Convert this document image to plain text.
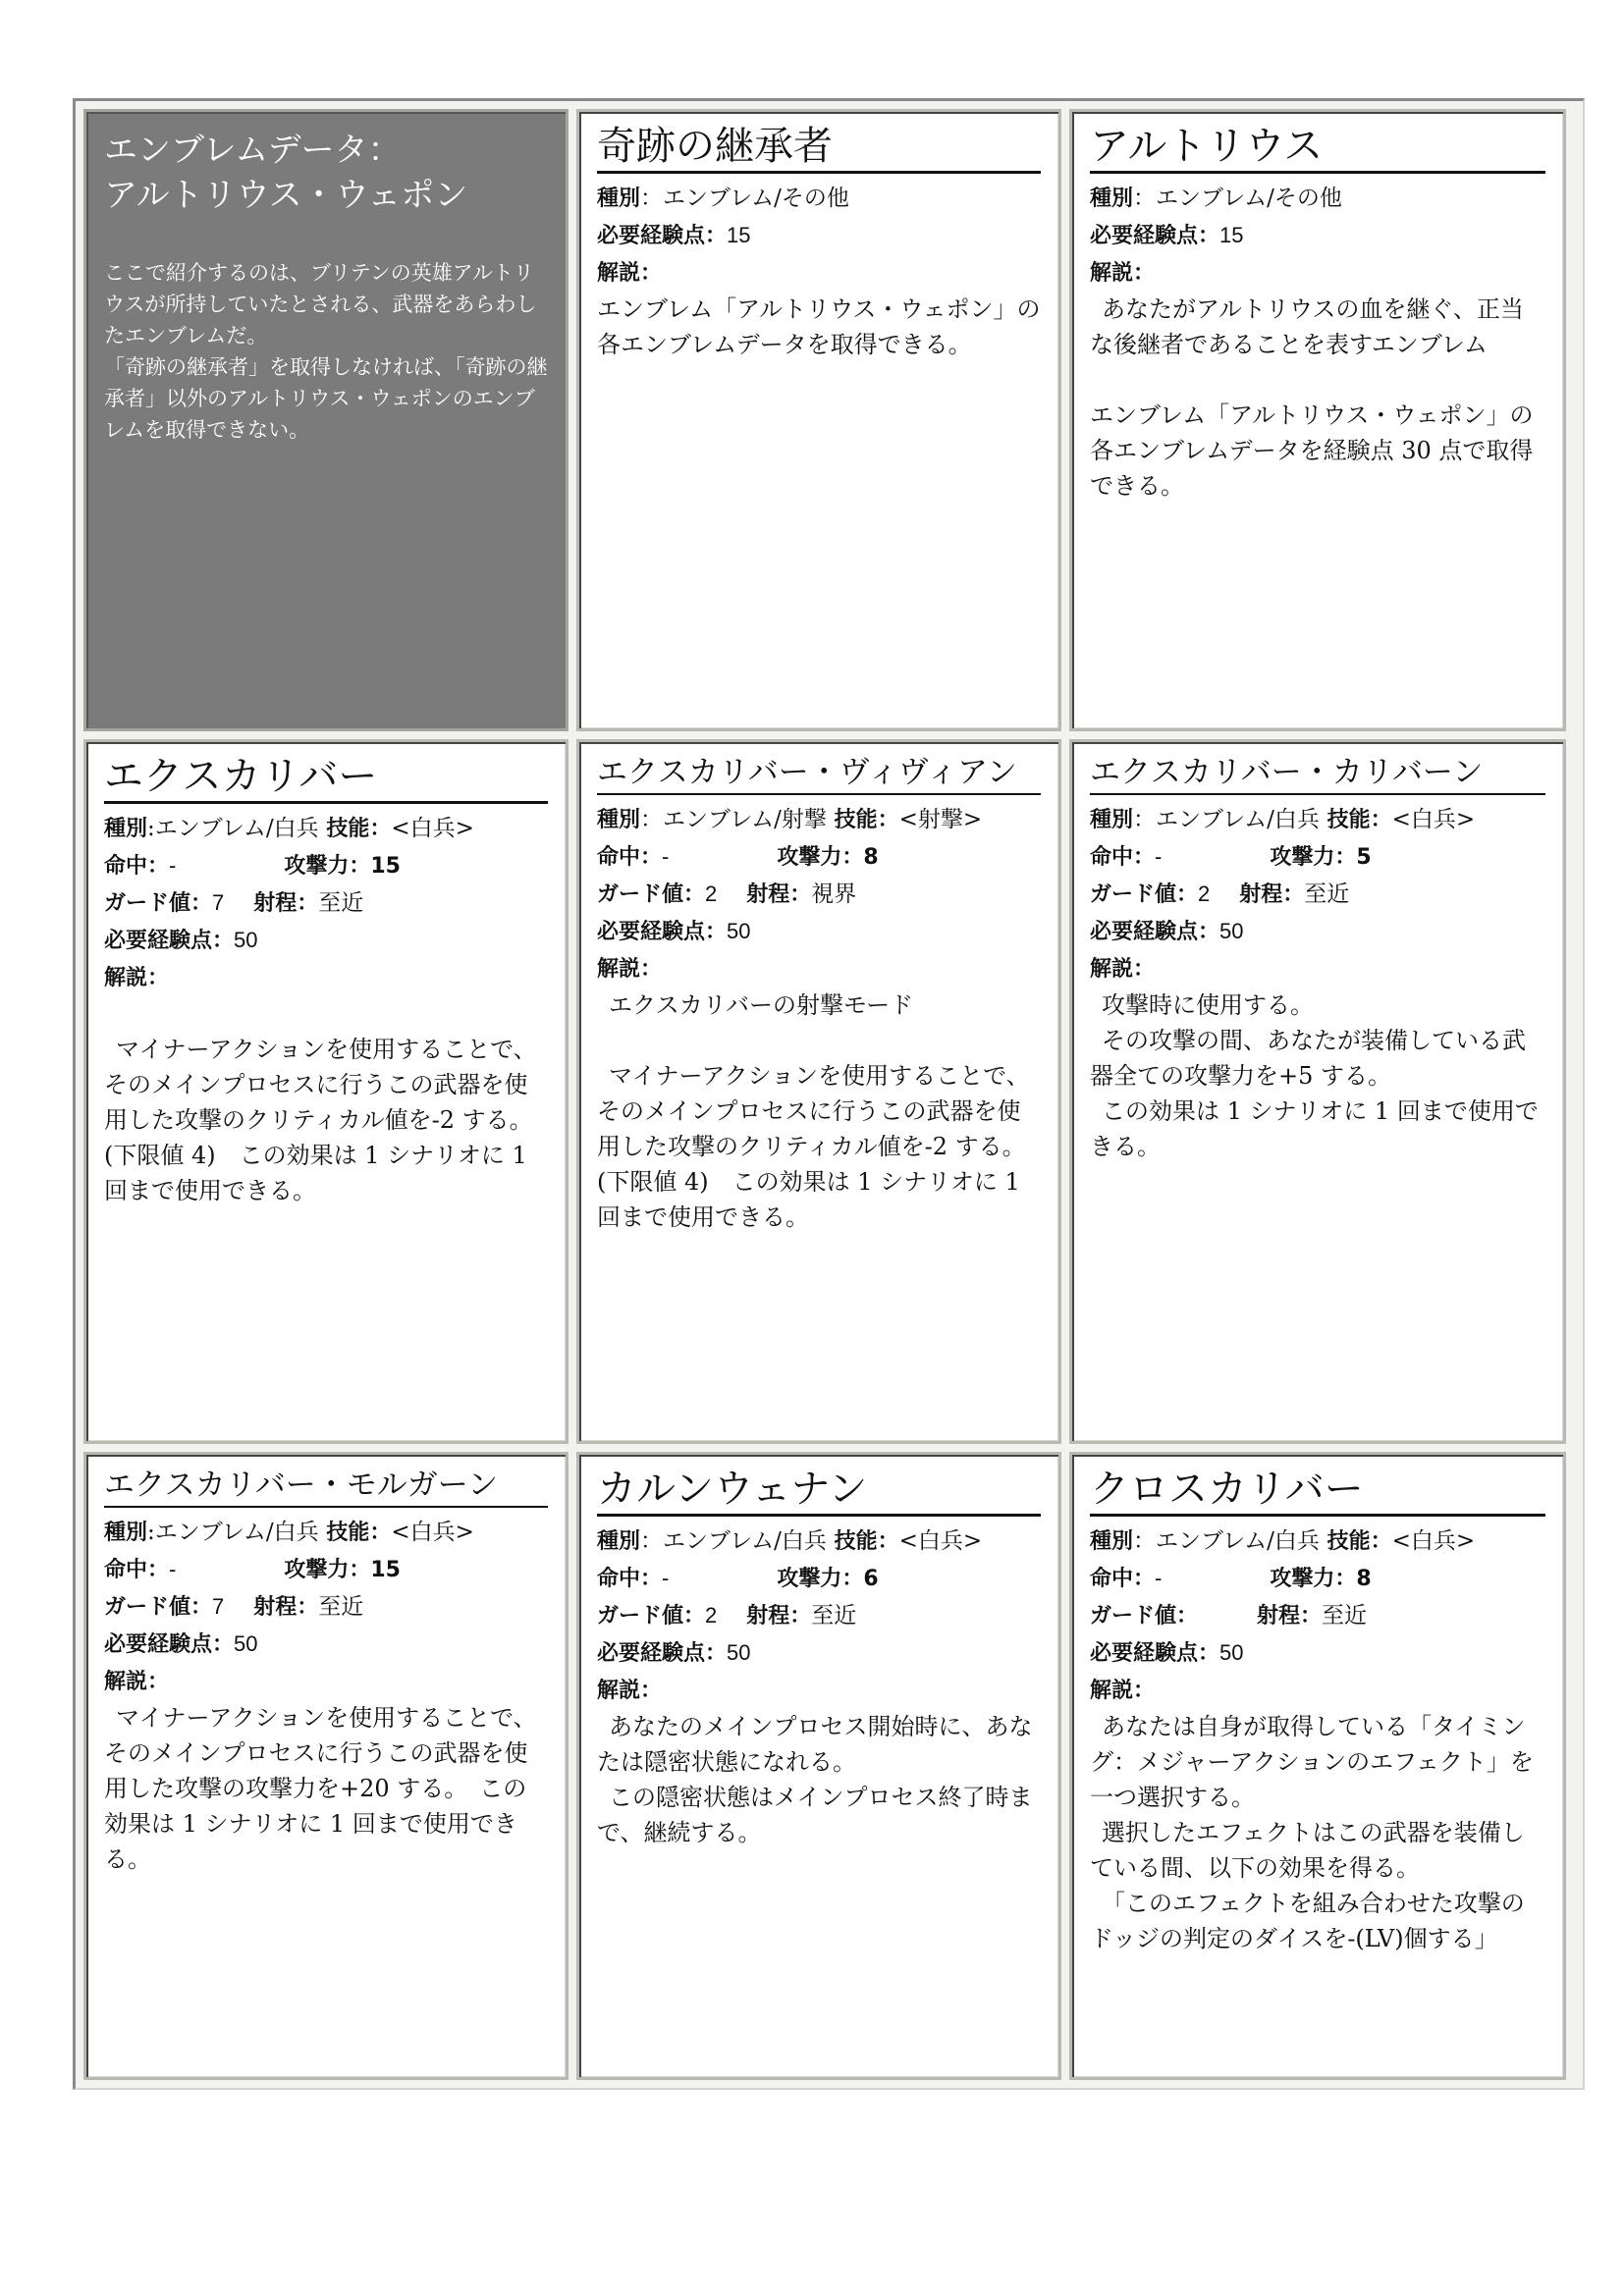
エンブレムデータ：
アルトリウス・ウェポン

ここで紹介するのは、ブリテンの英雄アルトリウスが所持していたとされる、武器をあらわしたエンブレムだ。

「奇跡の継承者」を取得しなければ、「奇跡の継承者」以外のアルトリウス・ウェポンのエンブレムを取得できない。

奇跡の継承者
種別：エンブレム/その他
必要経験点：15
解説：

エンブレム「アルトリウス・ウェポン」の各エンブレムデータを取得できる。

アルトリウス
種別：エンブレム/その他
必要経験点：15
解説：

あなたがアルトリウスの血を継ぐ、正当な後継者であることを表すエンブレム

エンブレム「アルトリウス・ウェポン」の各エンブレムデータを経験点 30 点で取得できる。

エクスカリバー
種別:エンブレム/白兵 技能：<白兵>
命中：-	攻撃力：15
ガード値：7 射程：至近
必要経験点：50
解説：

マイナーアクションを使用することで、そのメインプロセスに行うこの武器を使用した攻撃のクリティカル値を-2 する。(下限値 4)　この効果は 1 シナリオに 1 回まで使用できる。

エクスカリバー・ヴィヴィアン
種別：エンブレム/射撃 技能：<射撃>
命中：-	攻撃力：8
ガード値：2 射程：視界
必要経験点：50
解説：

エクスカリバーの射撃モード

マイナーアクションを使用することで、そのメインプロセスに行うこの武器を使用した攻撃のクリティカル値を-2 する。(下限値 4)　この効果は 1 シナリオに 1 回まで使用できる。

エクスカリバー・カリバーン
種別：エンブレム/白兵 技能：<白兵>
命中：-	攻撃力：5
ガード値：2 射程：至近
必要経験点：50
解説：

攻撃時に使用する。

その攻撃の間、あなたが装備している武器全ての攻撃力を+5 する。

この効果は 1 シナリオに 1 回まで使用できる。

エクスカリバー・モルガーン
種別:エンブレム/白兵 技能：<白兵>
命中：-	攻撃力：15
ガード値：7 射程：至近
必要経験点：50
解説：

マイナーアクションを使用することで、そのメインプロセスに行うこの武器を使用した攻撃の攻撃力を+20 する。　この効果は 1 シナリオに 1 回まで使用できる。

カルンウェナン
種別：エンブレム/白兵 技能：<白兵>
命中：-	攻撃力：6
ガード値：2 射程：至近
必要経験点：50
解説：

あなたのメインプロセス開始時に、あなたは隠密状態になれる。

この隠密状態はメインプロセス終了時まで、継続する。

クロスカリバー
種別：エンブレム/白兵 技能：<白兵>
命中：-	攻撃力：8
ガード値：	射程：至近
必要経験点：50
解説：

あなたは自身が取得している「タイミング：メジャーアクションのエフェクト」を一つ選択する。

選択したエフェクトはこの武器を装備している間、以下の効果を得る。

「このエフェクトを組み合わせた攻撃のドッジの判定のダイスを-(LV)個する」
